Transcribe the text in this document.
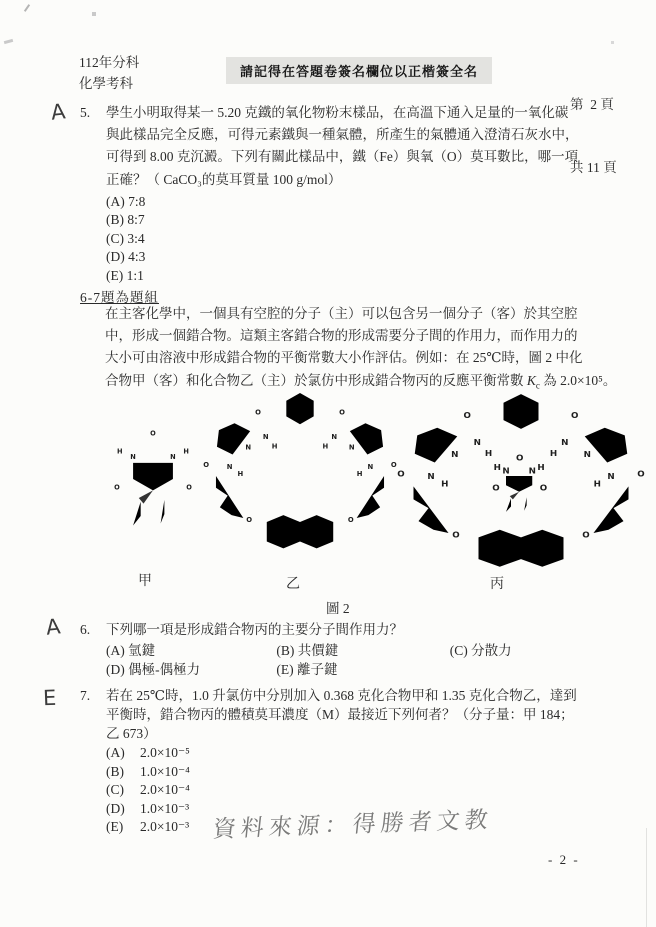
112年分科
化學考科
請記得在答題卷簽名欄位以正楷簽全名

第  2 頁

共 11 頁

A
A
E
5. 學生小明取得某一 5.20 克鐵的氧化物粉末樣品，在高溫下通入足量的一氧化碳
與此樣品完全反應，可得元素鐵與一種氣體，所產生的氣體通入澄清石灰水中，
可得到 8.00 克沉澱。下列有關此樣品中，鐵（Fe）與氧（O）莫耳數比，哪一項
正確？（ CaCO₃的莫耳質量 100 g/mol）
(A) 7:8
(B) 8:7
(C) 3:4
(D) 4:3
(E) 1:1
6-7題為題組
在主客化學中，一個具有空腔的分子（主）可以包含另一個分子（客）於其空腔
中，形成一個錯合物。這類主客錯合物的形成需要分子間的作用力，而作用力的
大小可由溶液中形成錯合物的平衡常數大小作評估。例如：在 25℃時，圖 2 中化
合物甲（客）和化合物乙（主）於氯仿中形成錯合物丙的反應平衡常數 $K_c$ 為 2.0×10⁵。
O
H
N	N
H
O	O
O
N
H
N
N
H
O
O
O
N
H	N
N
H
O
O
O
N
H
N
N
H
O
O
O
N
H	N
N
H
O
O
O
H N	N H
O	O
甲	乙	丙
圖 2
6. 下列哪一項是形成錯合物丙的主要分子間作用力？
(A) 氫鍵	(B) 共價鍵	(C) 分散力
(D) 偶極-偶極力	(E) 離子鍵
7. 若在 25℃時，1.0 升氯仿中分別加入 0.368 克化合物甲和 1.35 克化合物乙，達到
平衡時，錯合物丙的體積莫耳濃度（M）最接近下列何者？（分子量：甲 184；
乙 673）
(A) 2.0×10⁻⁵
(B) 1.0×10⁻⁴
(C) 2.0×10⁻⁴
(D) 1.0×10⁻³
(E) 2.0×10⁻³ 資料來源：得勝者文教
- 2 -
